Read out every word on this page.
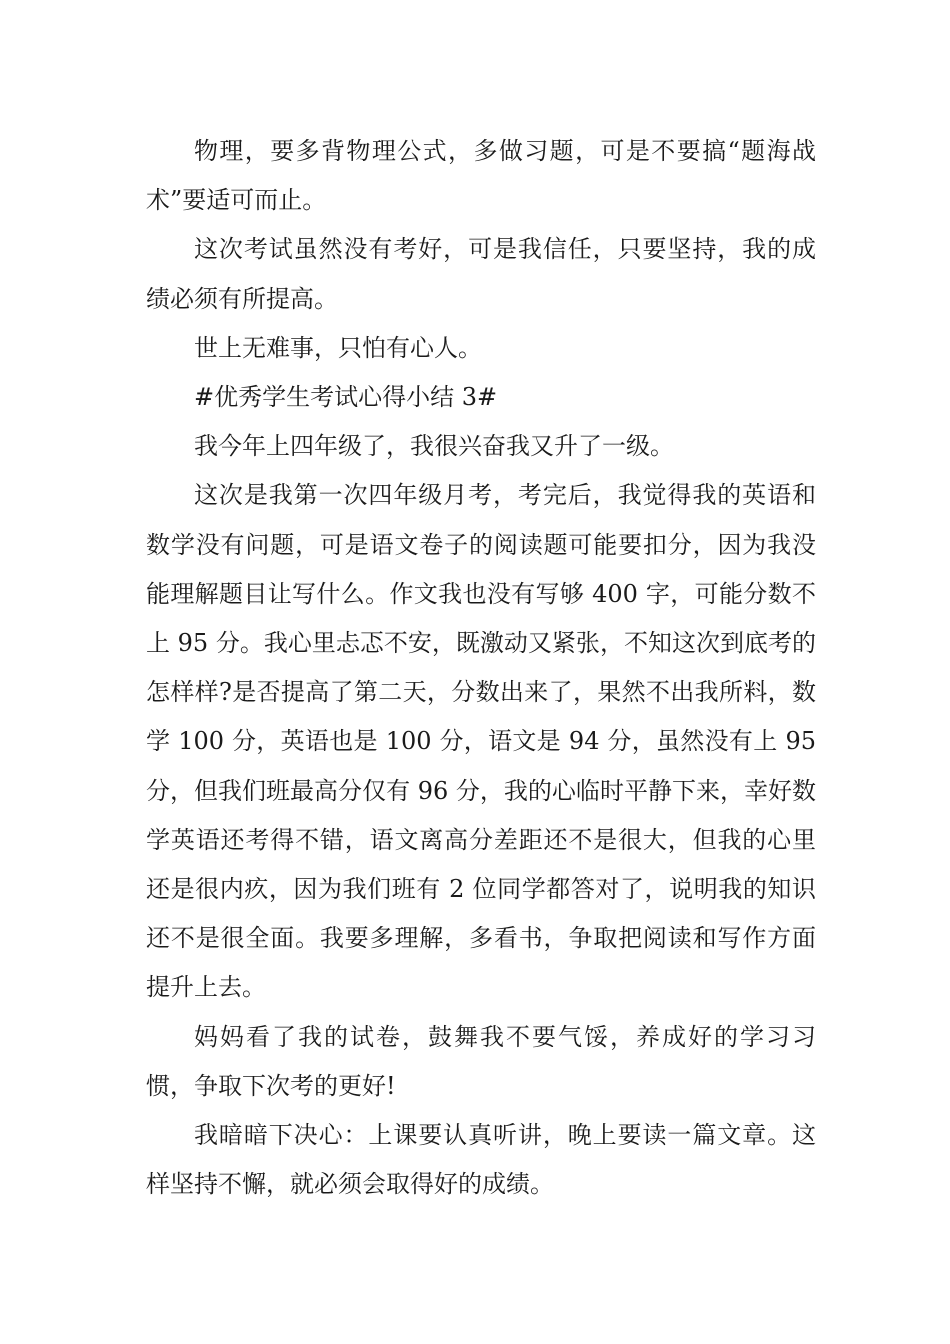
物理，要多背物理公式，多做习题，可是不要搞“题海战术”要适可而止。

这次考试虽然没有考好，可是我信任，只要坚持，我的成绩必须有所提高。

世上无难事，只怕有心人。

#优秀学生考试心得小结 3#

我今年上四年级了，我很兴奋我又升了一级。

这次是我第一次四年级月考，考完后，我觉得我的英语和数学没有问题，可是语文卷子的阅读题可能要扣分，因为我没能理解题目让写什么。作文我也没有写够 400 字，可能分数不上 95 分。我心里忐忑不安，既激动又紧张，不知这次到底考的怎样样?是否提高了第二天，分数出来了，果然不出我所料，数学 100 分，英语也是 100 分，语文是 94 分，虽然没有上 95 分，但我们班最高分仅有 96 分，我的心临时平静下来，幸好数学英语还考得不错，语文离高分差距还不是很大，但我的心里还是很内疚，因为我们班有 2 位同学都答对了，说明我的知识还不是很全面。我要多理解，多看书，争取把阅读和写作方面提升上去。

妈妈看了我的试卷，鼓舞我不要气馁，养成好的学习习惯，争取下次考的更好!

我暗暗下决心：上课要认真听讲，晚上要读一篇文章。这样坚持不懈，就必须会取得好的成绩。
